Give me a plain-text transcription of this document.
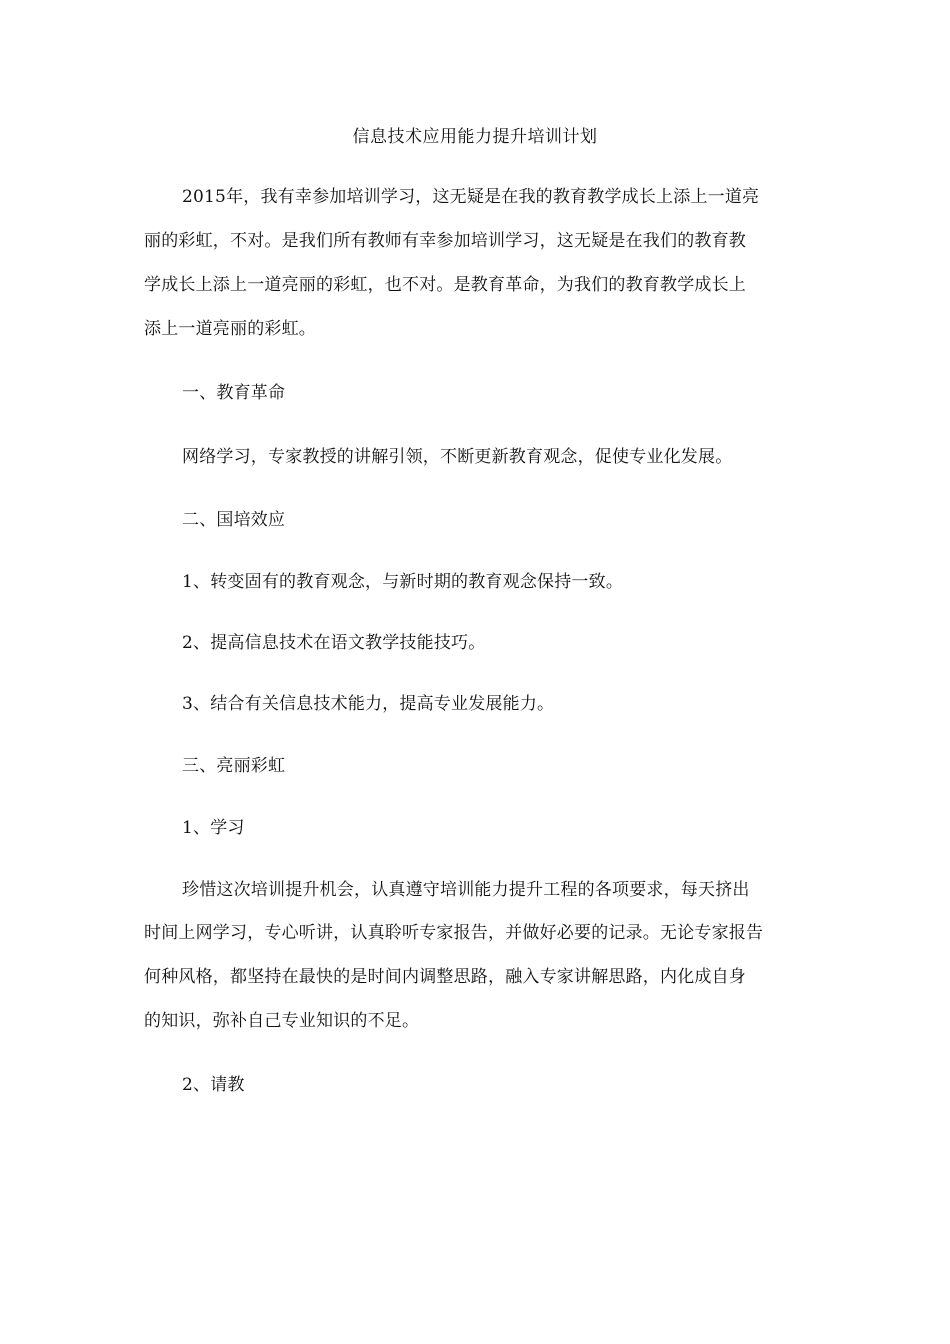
信息技术应用能力提升培训计划
2015年，我有幸参加培训学习，这无疑是在我的教育教学成长上添上一道亮
丽的彩虹，不对。是我们所有教师有幸参加培训学习，这无疑是在我们的教育教
学成长上添上一道亮丽的彩虹，也不对。是教育革命，为我们的教育教学成长上
添上一道亮丽的彩虹。
一、教育革命
网络学习，专家教授的讲解引领，不断更新教育观念，促使专业化发展。
二、国培效应
1、转变固有的教育观念，与新时期的教育观念保持一致。
2、提高信息技术在语文教学技能技巧。
3、结合有关信息技术能力，提高专业发展能力。
三、亮丽彩虹
1、学习
珍惜这次培训提升机会，认真遵守培训能力提升工程的各项要求，每天挤出
时间上网学习，专心听讲，认真聆听专家报告，并做好必要的记录。无论专家报告
何种风格，都坚持在最快的是时间内调整思路，融入专家讲解思路，内化成自身
的知识，弥补自己专业知识的不足。
2、请教
